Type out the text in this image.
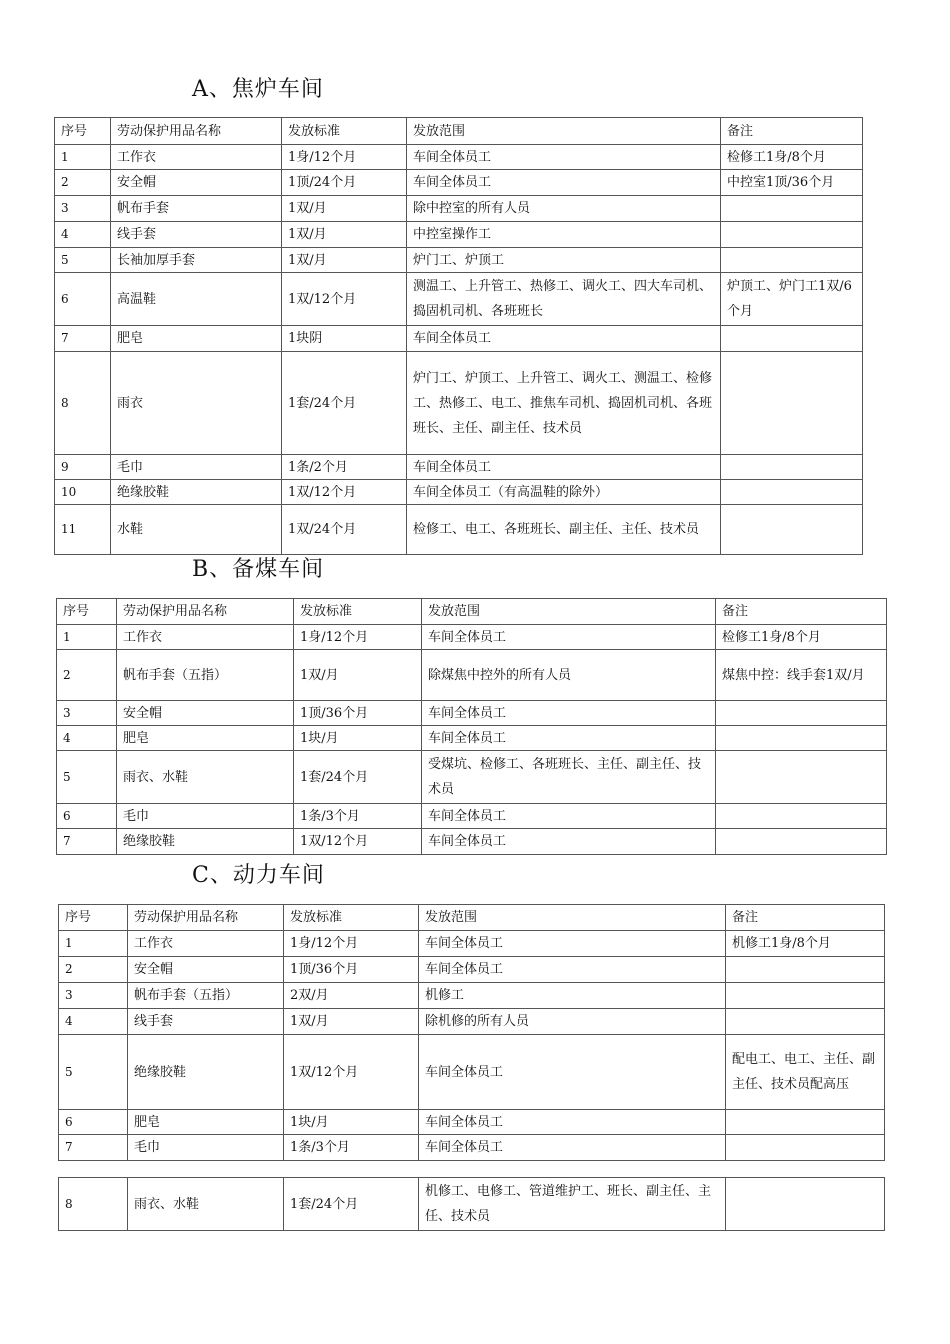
A、焦炉车间
序号	劳动保护用品名称	发放标准	发放范围	备注
1	工作衣	1身/12个月	车间全体员工	检修工1身/8个月
2	安全帽	1顶/24个月	车间全体员工	中控室1顶/36个月
3	帆布手套	1双/月	除中控室的所有人员	
4	线手套	1双/月	中控室操作工	
5	长袖加厚手套	1双/月	炉门工、炉顶工	
6	高温鞋	1双/12个月	测温工、上升管工、热修工、调火工、四大车司机、捣固机司机、各班班长	炉顶工、炉门工1双/6个月
7	肥皂	1块阴	车间全体员工	
8	雨衣	1套/24个月	炉门工、炉顶工、上升管工、调火工、测温工、检修工、热修工、电工、推焦车司机、捣固机司机、各班班长、主任、副主任、技术员	
9	毛巾	1条/2个月	车间全体员工	
10	绝缘胶鞋	1双/12个月	车间全体员工（有高温鞋的除外）	
11	水鞋	1双/24个月	检修工、电工、各班班长、副主任、主任、技术员	
B、备煤车间
序号	劳动保护用品名称	发放标准	发放范围	备注
1	工作衣	1身/12个月	车间全体员工	检修工1身/8个月
2	帆布手套（五指）	1双/月	除煤焦中控外的所有人员	煤焦中控：线手套1双/月
3	安全帽	1顶/36个月	车间全体员工	
4	肥皂	1块/月	车间全体员工	
5	雨衣、水鞋	1套/24个月	受煤坑、检修工、各班班长、主任、副主任、技术员	
6	毛巾	1条/3个月	车间全体员工	
7	绝缘胶鞋	1双/12个月	车间全体员工	
C、动力车间
序号	劳动保护用品名称	发放标准	发放范围	备注
1	工作衣	1身/12个月	车间全体员工	机修工1身/8个月
2	安全帽	1顶/36个月	车间全体员工	
3	帆布手套（五指）	2双/月	机修工	
4	线手套	1双/月	除机修的所有人员	
5	绝缘胶鞋	1双/12个月	车间全体员工	配电工、电工、主任、副主任、技术员配高压
6	肥皂	1块/月	车间全体员工	
7	毛巾	1条/3个月	车间全体员工	
8	雨衣、水鞋	1套/24个月	机修工、电修工、管道维护工、班长、副主任、主任、技术员	
